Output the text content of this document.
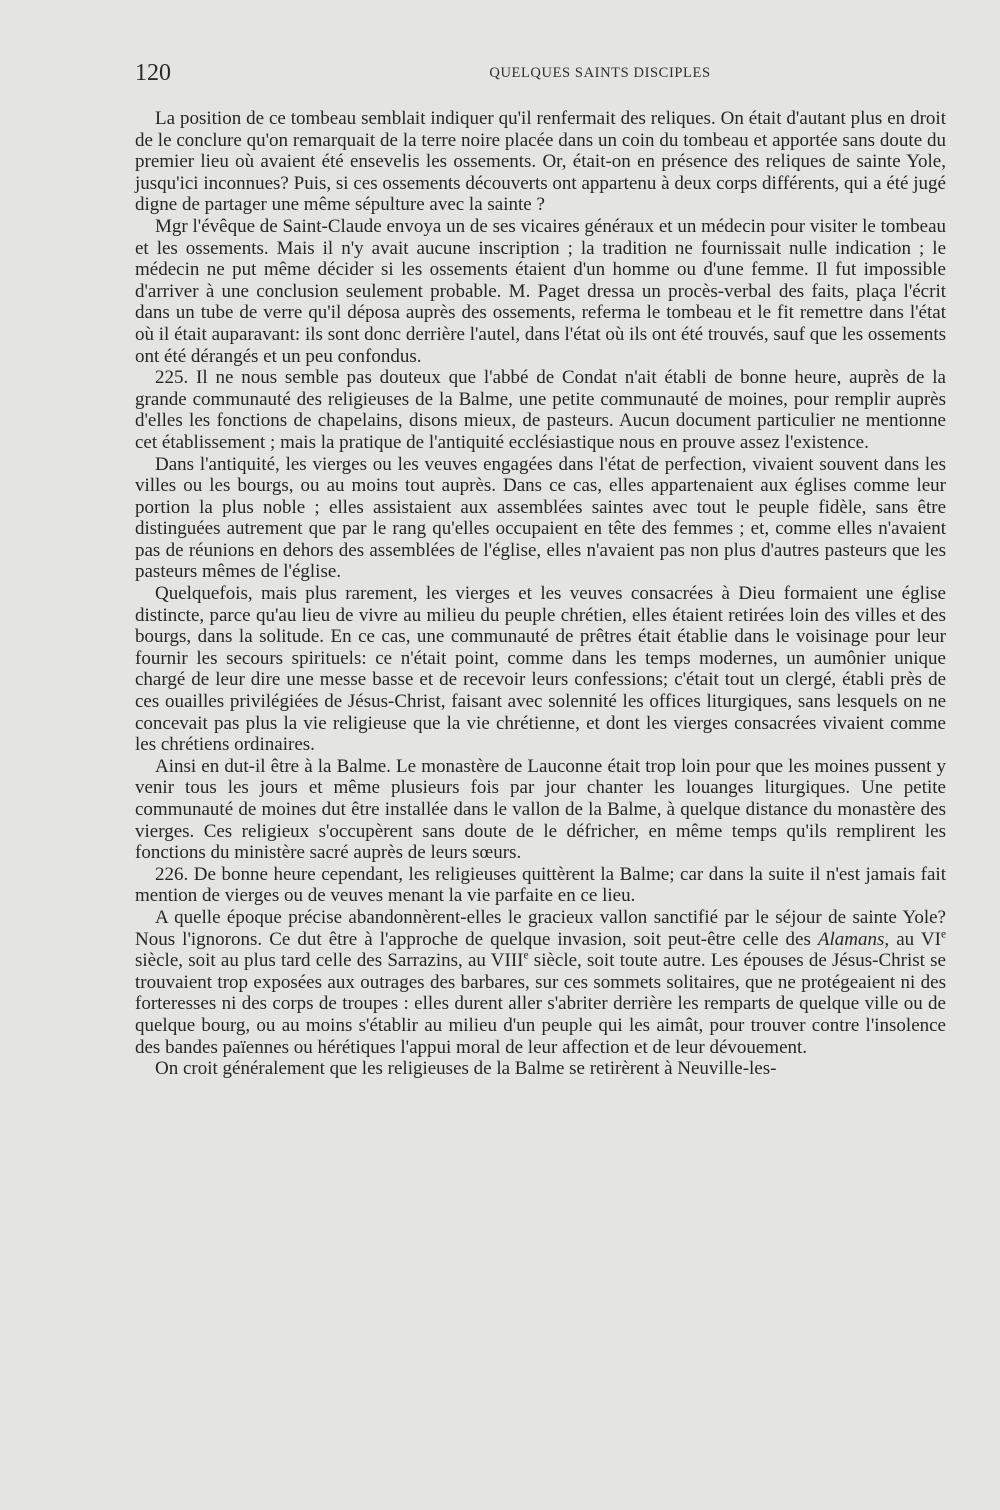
120	QUELQUES SAINTS DISCIPLES

La position de ce tombeau semblait indiquer qu'il renfermait des reliques. On était d'autant plus en droit de le conclure qu'on remarquait de la terre noire placée dans un coin du tombeau et apportée sans doute du premier lieu où avaient été ensevelis les ossements. Or, était-on en présence des reliques de sainte Yole, jusqu'ici inconnues? Puis, si ces ossements découverts ont appartenu à deux corps différents, qui a été jugé digne de partager une même sépulture avec la sainte ?

Mgr l'évêque de Saint-Claude envoya un de ses vicaires généraux et un médecin pour visiter le tombeau et les ossements. Mais il n'y avait aucune inscription ; la tradition ne fournissait nulle indication ; le médecin ne put même décider si les ossements étaient d'un homme ou d'une femme. Il fut impossible d'arriver à une conclusion seulement probable. M. Paget dressa un procès-verbal des faits, plaça l'écrit dans un tube de verre qu'il déposa auprès des ossements, referma le tombeau et le fit remettre dans l'état où il était auparavant: ils sont donc derrière l'autel, dans l'état où ils ont été trouvés, sauf que les ossements ont été dérangés et un peu confondus.

225. Il ne nous semble pas douteux que l'abbé de Condat n'ait établi de bonne heure, auprès de la grande communauté des religieuses de la Balme, une petite communauté de moines, pour remplir auprès d'elles les fonctions de chapelains, disons mieux, de pasteurs. Aucun document particulier ne mentionne cet établissement ; mais la pratique de l'antiquité ecclésiastique nous en prouve assez l'existence.

Dans l'antiquité, les vierges ou les veuves engagées dans l'état de perfection, vivaient souvent dans les villes ou les bourgs, ou au moins tout auprès. Dans ce cas, elles appartenaient aux églises comme leur portion la plus noble ; elles assistaient aux assemblées saintes avec tout le peuple fidèle, sans être distinguées autrement que par le rang qu'elles occupaient en tête des femmes ; et, comme elles n'avaient pas de réunions en dehors des assemblées de l'église, elles n'avaient pas non plus d'autres pasteurs que les pasteurs mêmes de l'église.

Quelquefois, mais plus rarement, les vierges et les veuves consacrées à Dieu formaient une église distincte, parce qu'au lieu de vivre au milieu du peuple chrétien, elles étaient retirées loin des villes et des bourgs, dans la solitude. En ce cas, une communauté de prêtres était établie dans le voisinage pour leur fournir les secours spirituels: ce n'était point, comme dans les temps modernes, un aumônier unique chargé de leur dire une messe basse et de recevoir leurs confessions; c'était tout un clergé, établi près de ces ouailles privilégiées de Jésus-Christ, faisant avec solennité les offices liturgiques, sans lesquels on ne concevait pas plus la vie religieuse que la vie chrétienne, et dont les vierges consacrées vivaient comme les chrétiens ordinaires.

Ainsi en dut-il être à la Balme. Le monastère de Lauconne était trop loin pour que les moines pussent y venir tous les jours et même plusieurs fois par jour chanter les louanges liturgiques. Une petite communauté de moines dut être installée dans le vallon de la Balme, à quelque distance du monastère des vierges. Ces religieux s'occupèrent sans doute de le défricher, en même temps qu'ils remplirent les fonctions du ministère sacré auprès de leurs sœurs.

226. De bonne heure cependant, les religieuses quittèrent la Balme; car dans la suite il n'est jamais fait mention de vierges ou de veuves menant la vie parfaite en ce lieu.

A quelle époque précise abandonnèrent-elles le gracieux vallon sanctifié par le séjour de sainte Yole? Nous l'ignorons. Ce dut être à l'approche de quelque invasion, soit peut-être celle des Alamans, au VIe siècle, soit au plus tard celle des Sarrazins, au VIIIe siècle, soit toute autre. Les épouses de Jésus-Christ se trouvaient trop exposées aux outrages des barbares, sur ces sommets solitaires, que ne protégeaient ni des forteresses ni des corps de troupes : elles durent aller s'abriter derrière les remparts de quelque ville ou de quelque bourg, ou au moins s'établir au milieu d'un peuple qui les aimât, pour trouver contre l'insolence des bandes païennes ou hérétiques l'appui moral de leur affection et de leur dévouement.

On croit généralement que les religieuses de la Balme se retirèrent à Neuville-les-
